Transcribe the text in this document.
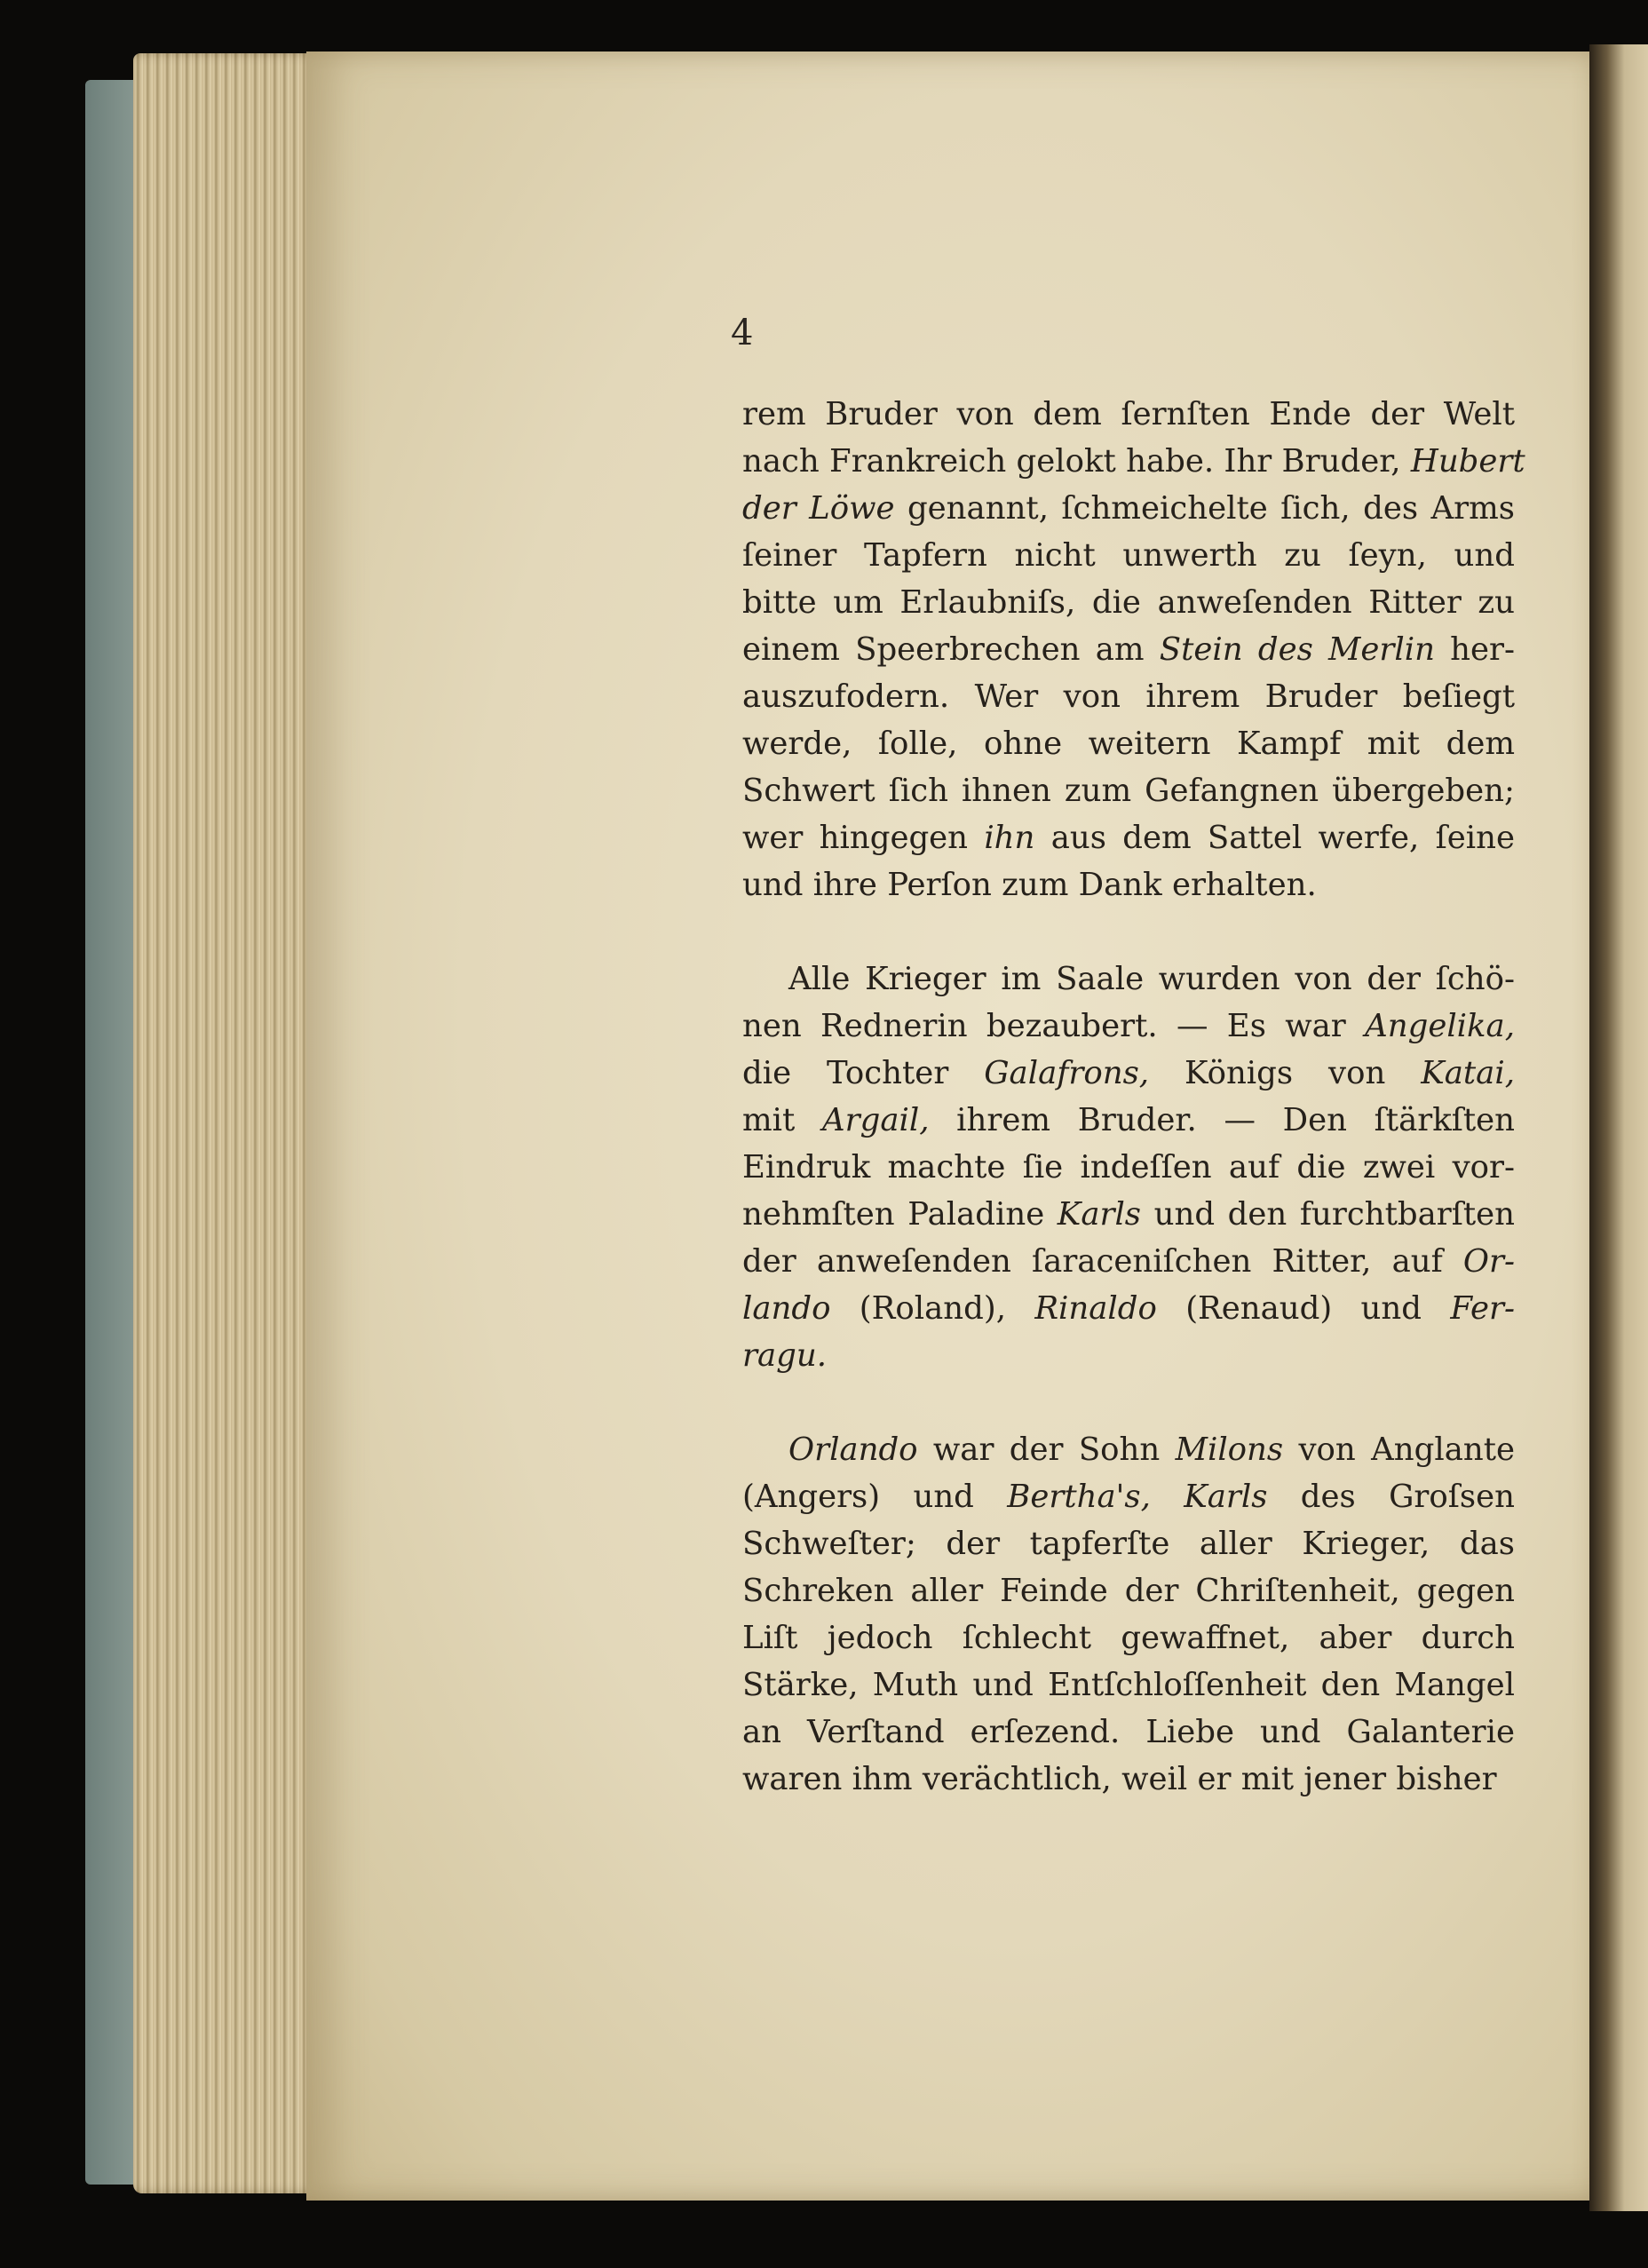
4
rem Bruder von dem ſernſten Ende der Welt
nach Frankreich gelokt habe. Ihr Bruder, Hubert
der Löwe genannt, ſchmeichelte ſich, des Arms
ſeiner Tapfern nicht unwerth zu ſeyn, und
bitte um Erlaubniſs, die anweſenden Ritter zu
einem Speerbrechen am Stein des Merlin her-
auszufodern. Wer von ihrem Bruder beſiegt
werde, ſolle, ohne weitern Kampf mit dem
Schwert ſich ihnen zum Gefangnen übergeben;
wer hingegen ihn aus dem Sattel werfe, ſeine
und ihre Perſon zum Dank erhalten.
Alle Krieger im Saale wurden von der ſchö-
nen Rednerin bezaubert. — Es war Angelika,
die Tochter Galafrons, Königs von Katai,
mit Argail, ihrem Bruder. — Den ſtärkſten
Eindruk machte ſie indeſſen auf die zwei vor-
nehmſten Paladine Karls und den furchtbarſten
der anweſenden ſaraceniſchen Ritter, auf Or-
lando (Roland), Rinaldo (Renaud) und Fer-
ragu.
Orlando war der Sohn Milons von Anglante
(Angers) und Bertha's, Karls des Groſsen
Schweſter; der tapferſte aller Krieger, das
Schreken aller Feinde der Chriſtenheit, gegen
Liſt jedoch ſchlecht gewaffnet, aber durch
Stärke, Muth und Entſchloſſenheit den Mangel
an Verſtand erſezend. Liebe und Galanterie
waren ihm verächtlich, weil er mit jener bisher
